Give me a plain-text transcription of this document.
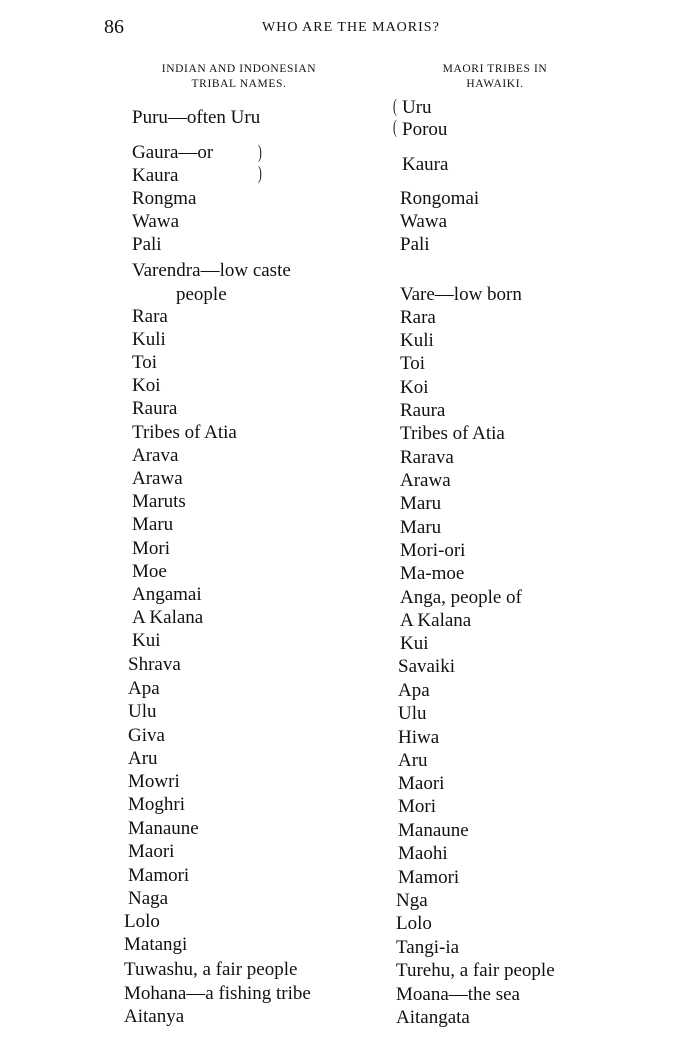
86	WHO ARE THE MAORIS?
INDIAN AND INDONESIAN
TRIBAL NAMES.
MAORI TRIBES IN
HAWAIKI.
Puru—often Uru
Gaura—or
Kaura
Rongma
Wawa
Pali
Varendra—low caste
people
Rara
Kuli
Toi
Koi
Raura
Tribes of Atia
Arava
Arawa
Maruts
Maru
Mori
Moe
Angamai
A Kalana
Kui
Shrava
Apa
Ulu
Giva
Aru
Mowri
Moghri
Manaune
Maori
Mamori
Naga
Lolo
Matangi
Tuwashu, a fair people
Mohana—a fishing tribe
Aitanya
)
)
(
(
Uru
Porou
Kaura
Rongomai
Wawa
Pali
Vare—low born
Rara
Kuli
Toi
Koi
Raura
Tribes of Atia
Rarava
Arawa
Maru
Maru
Mori-ori
Ma-moe
Anga, people of
A Kalana
Kui
Savaiki
Apa
Ulu
Hiwa
Aru
Maori
Mori
Manaune
Maohi
Mamori
Nga
Lolo
Tangi-ia
Turehu, a fair people
Moana—the sea
Aitangata
